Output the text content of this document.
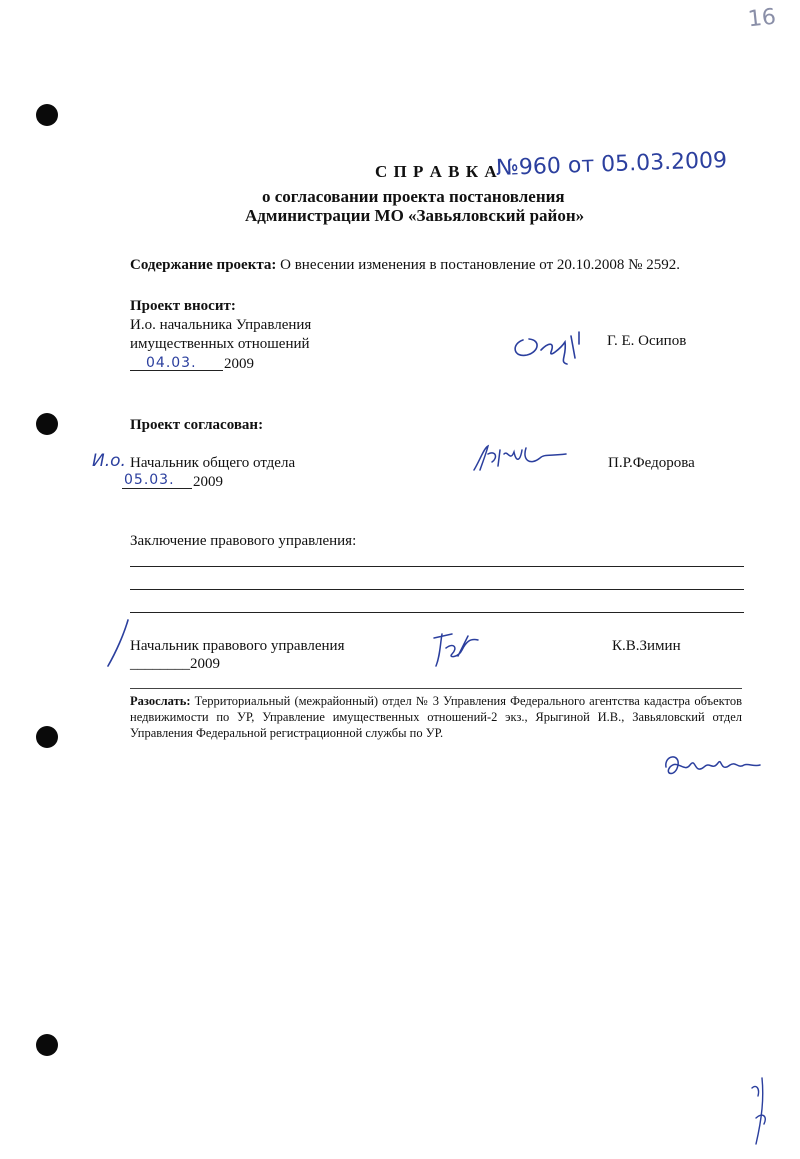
16
С П Р А В К А
№960 от 05.03.2009
о согласовании проекта постановления
Администрации МО «Завьяловский район»
Содержание проекта: О внесении изменения в постановление от 20.10.2008 № 2592.
Проект вносит:
И.о. начальника Управления
имущественных отношений
04.03. 2009
Г. Е. Осипов
Проект согласован:
И.о. Начальник общего отдела
05.03. 2009
П.Р.Федорова
Заключение правового управления:
Начальник правового управления
________2009
К.В.Зимин
Разослать: Территориальный (межрайонный) отдел № 3 Управления Федерального агентства кадастра объектов недвижимости по УР, Управление имущественных отношений-2 экз., Ярыгиной И.В., Завьяловский отдел Управления Федеральной регистрационной службы по УР.
